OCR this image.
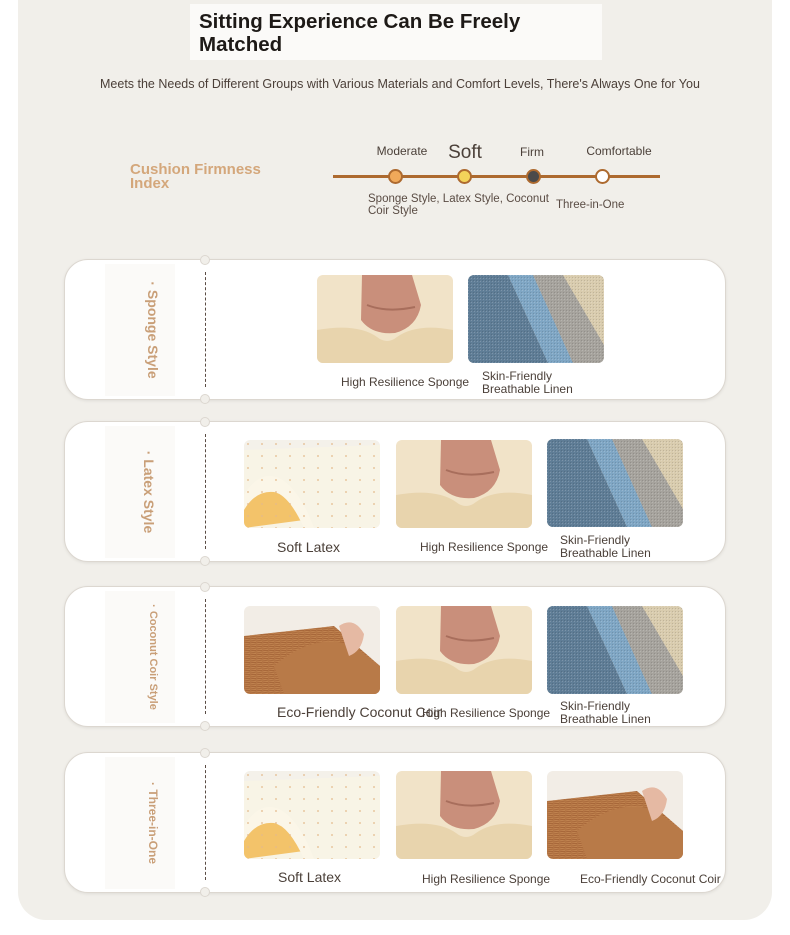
Sitting Experience Can Be Freely Matched
Meets the Needs of Different Groups with Various Materials and Comfort Levels, There's Always One for You
Cushion Firmness Index
Moderate Soft	Firm	Comfortable
Sponge Style, Latex Style, Coconut Coir Style	Three-in-One
· Sponge Style
High Resilience Sponge Skin-Friendly Breathable Linen
· Latex Style
Soft Latex	High Resilience Sponge Skin-Friendly Breathable Linen
· Coconut Coir Style
Eco-Friendly Coconut Coir
High Resilience Sponge Skin-Friendly Breathable Linen
· Three-in-One
Soft Latex	High Resilience Sponge Eco-Friendly Coconut Coir
